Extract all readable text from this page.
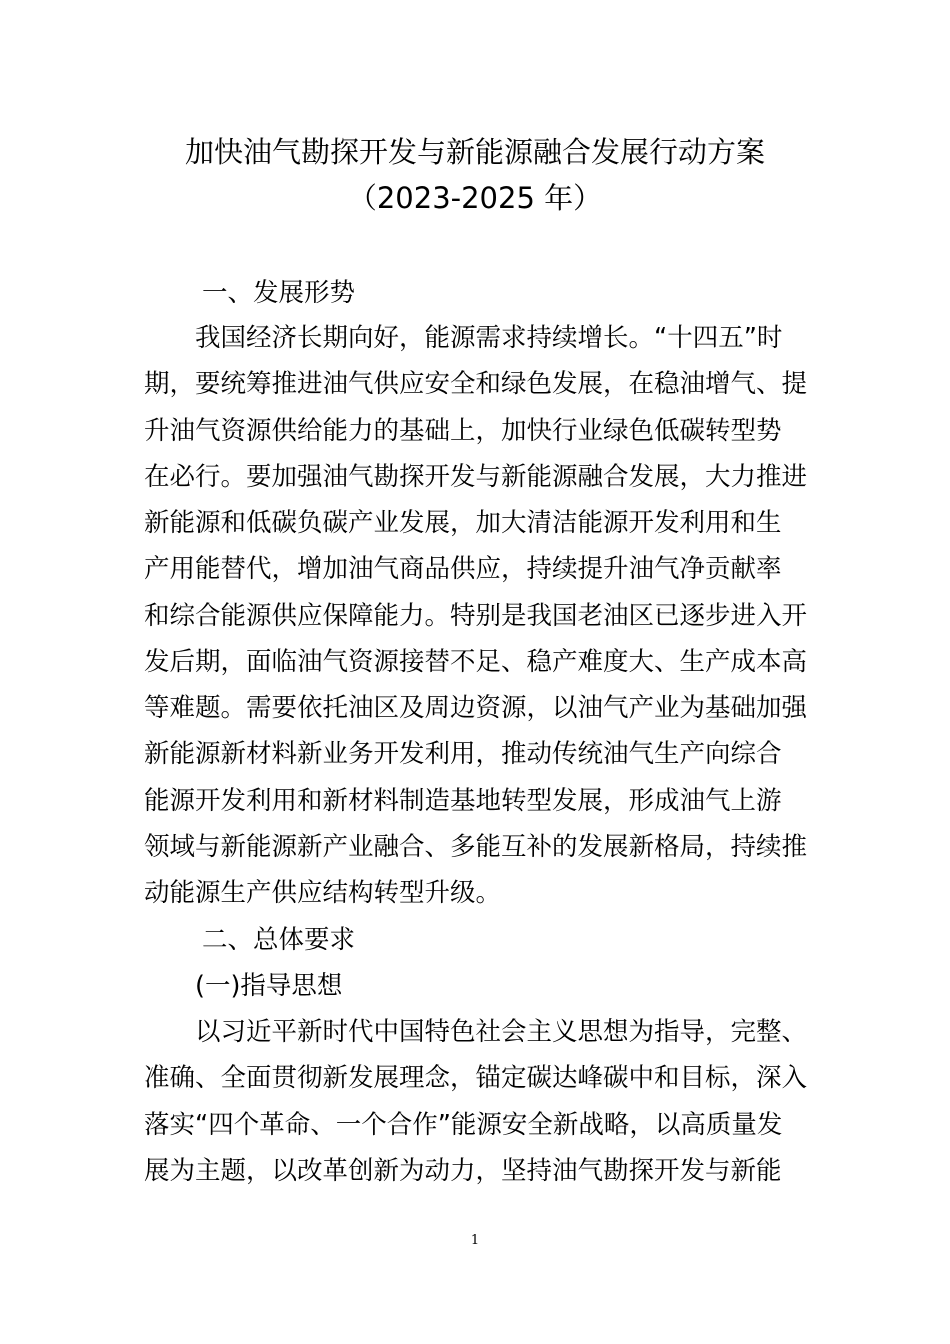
加快油气勘探开发与新能源融合发展行动方案
（2023-2025 年）
一、发展形势
我国经济长期向好，能源需求持续增长。“十四五”时
期，要统筹推进油气供应安全和绿色发展，在稳油增气、提
升油气资源供给能力的基础上，加快行业绿色低碳转型势
在必行。要加强油气勘探开发与新能源融合发展，大力推进
新能源和低碳负碳产业发展，加大清洁能源开发利用和生
产用能替代，增加油气商品供应，持续提升油气净贡献率
和综合能源供应保障能力。特别是我国老油区已逐步进入开
发后期，面临油气资源接替不足、稳产难度大、生产成本高
等难题。需要依托油区及周边资源，以油气产业为基础加强
新能源新材料新业务开发利用，推动传统油气生产向综合
能源开发利用和新材料制造基地转型发展，形成油气上游
领域与新能源新产业融合、多能互补的发展新格局，持续推
动能源生产供应结构转型升级。
二、总体要求
(一)指导思想
以习近平新时代中国特色社会主义思想为指导，完整、
准确、全面贯彻新发展理念，锚定碳达峰碳中和目标，深入
落实“四个革命、一个合作”能源安全新战略，以高质量发
展为主题，以改革创新为动力，坚持油气勘探开发与新能
1
